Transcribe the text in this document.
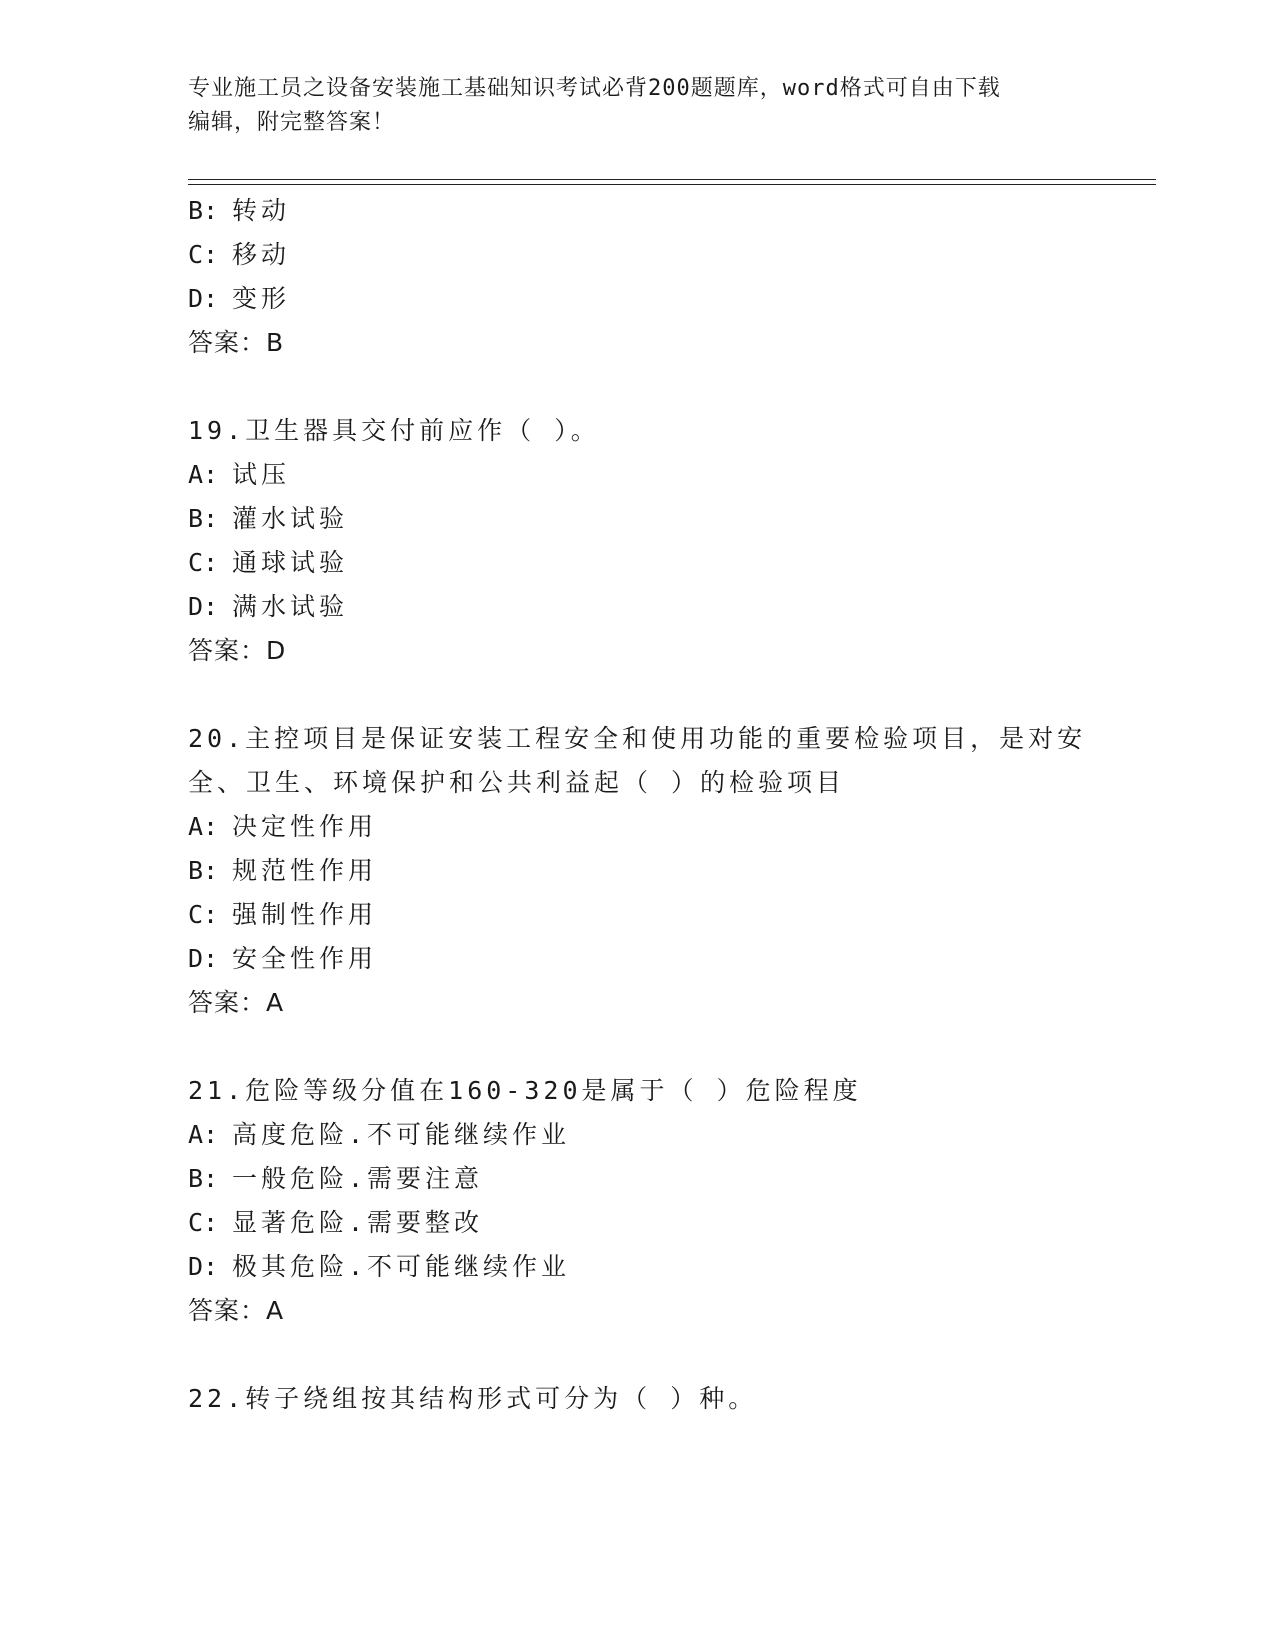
专业施工员之设备安装施工基础知识考试必背200题题库，word格式可自由下载
编辑，附完整答案！
B: 转动
C: 移动
D: 变形
答案：B
19.卫生器具交付前应作（ ）。
A: 试压
B: 灌水试验
C: 通球试验
D: 满水试验
答案：D
20.主控项目是保证安装工程安全和使用功能的重要检验项目，是对安
全、卫生、环境保护和公共利益起（ ）的检验项目
A: 决定性作用
B: 规范性作用
C: 强制性作用
D: 安全性作用
答案：A
21.危险等级分值在160-320是属于（ ）危险程度
A: 高度危险.不可能继续作业
B: 一般危险.需要注意
C: 显著危险.需要整改
D: 极其危险.不可能继续作业
答案：A
22.转子绕组按其结构形式可分为（ ）种。
